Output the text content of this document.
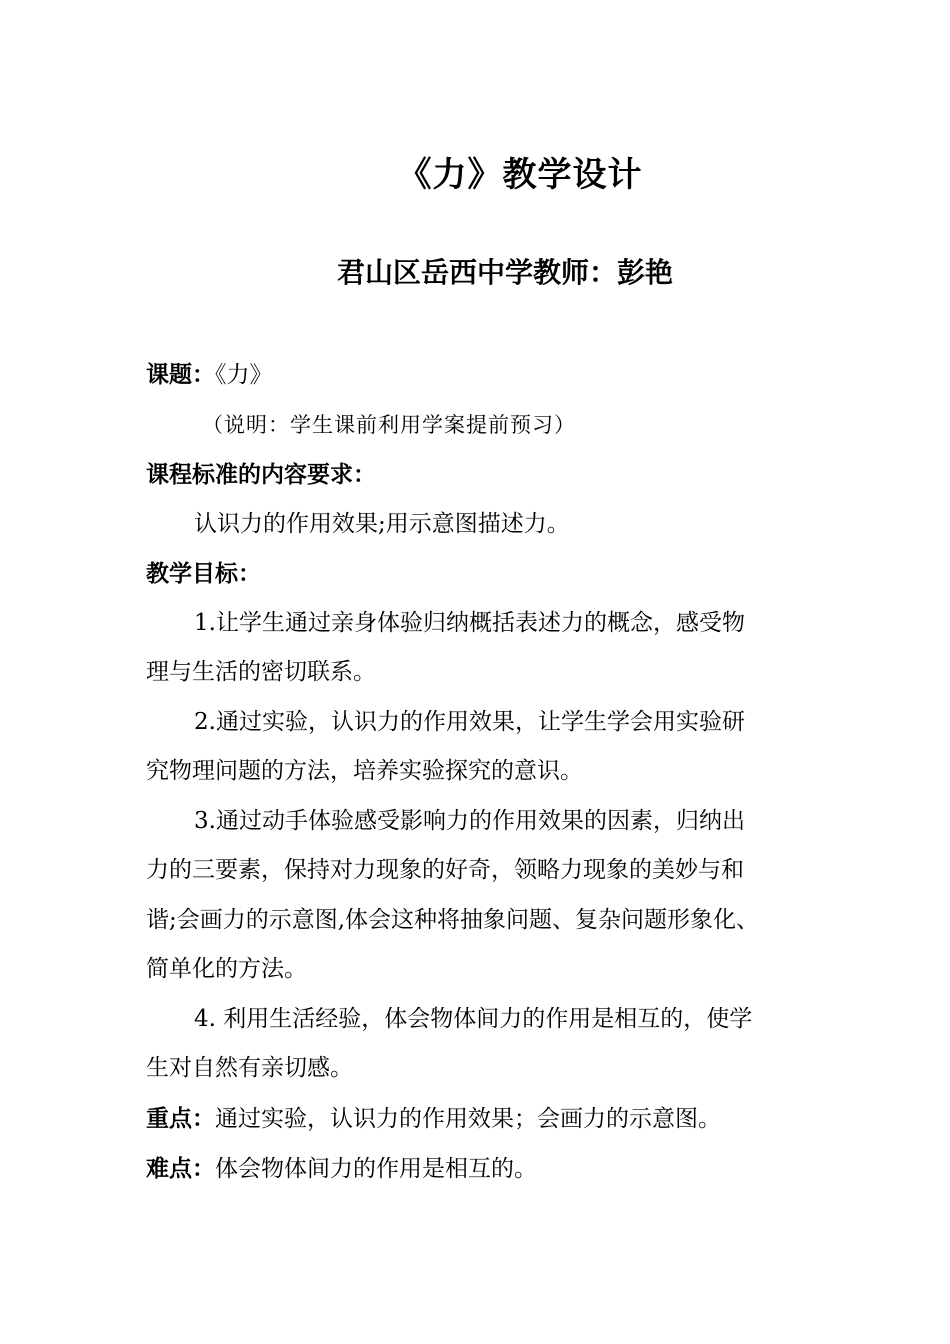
《力》教学设计
君山区岳西中学教师：彭艳
课题：《力》
（说明：学生课前利用学案提前预习）
课程标准的内容要求：
认识力的作用效果;用示意图描述力。
教学目标：
1.让学生通过亲身体验归纳概括表述力的概念，感受物
理与生活的密切联系。
2.通过实验，认识力的作用效果，让学生学会用实验研
究物理问题的方法，培养实验探究的意识。
3.通过动手体验感受影响力的作用效果的因素，归纳出
力的三要素，保持对力现象的好奇，领略力现象的美妙与和
谐;会画力的示意图,体会这种将抽象问题、复杂问题形象化、
简单化的方法。
4. 利用生活经验，体会物体间力的作用是相互的，使学
生对自然有亲切感。
重点：通过实验，认识力的作用效果；会画力的示意图。
难点：体会物体间力的作用是相互的。
